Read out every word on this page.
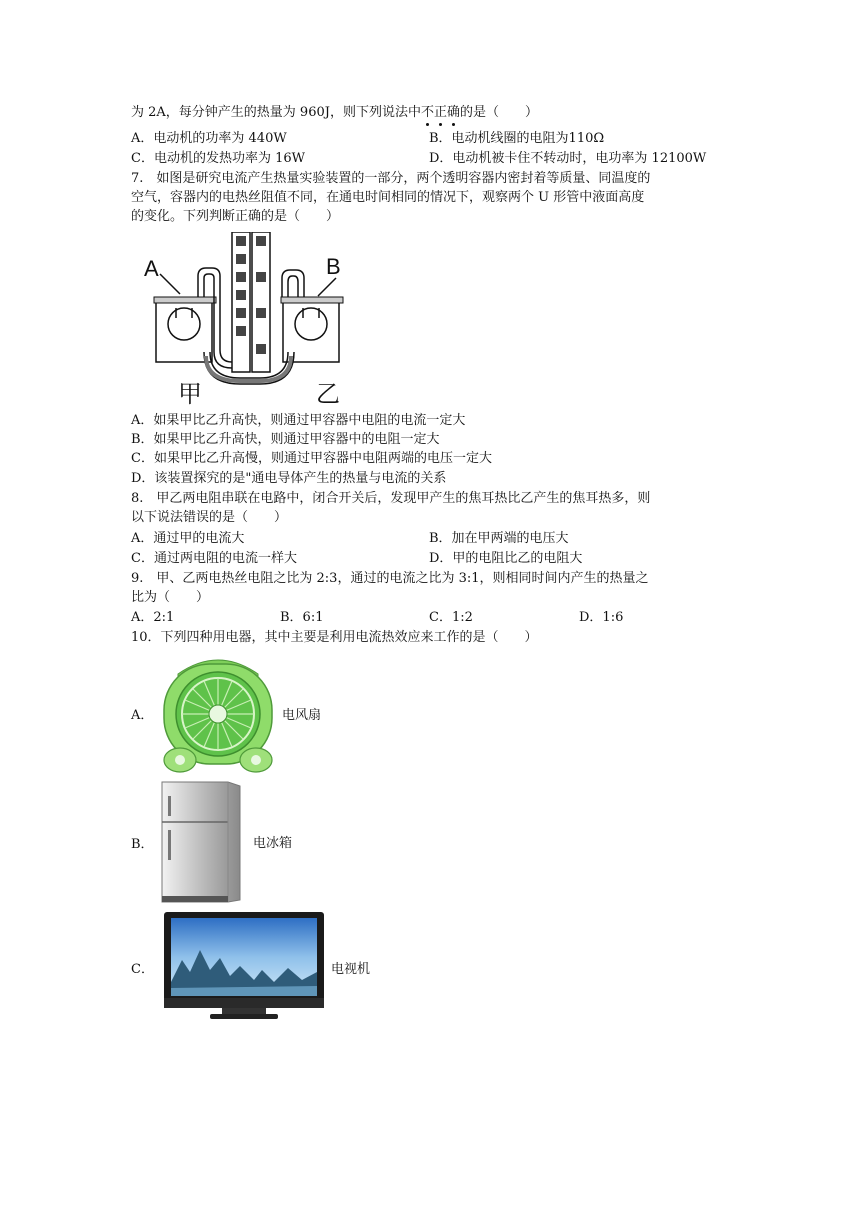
为 2A，每分钟产生的热量为 960J，则下列说法中不正确的是（　　）
A．电动机的功率为 440W	B．电动机线圈的电阻为110Ω
C．电动机的发热功率为 16W	D．电动机被卡住不转动时，电功率为 12100W
7.　如图是研究电流产生热量实验装置的一部分，两个透明容器内密封着等质量、同温度的
空气，容器内的电热丝阻值不同，在通电时间相同的情况下，观察两个 U 形管中液面高度
的变化。下列判断正确的是（　　）
A	B
甲	乙
A．如果甲比乙升高快，则通过甲容器中电阻的电流一定大
B．如果甲比乙升高快，则通过甲容器中的电阻一定大
C．如果甲比乙升高慢，则通过甲容器中电阻两端的电压一定大
D．该装置探究的是"通电导体产生的热量与电流的关系
8.　甲乙两电阻串联在电路中，闭合开关后，发现甲产生的焦耳热比乙产生的焦耳热多，则
以下说法错误的是（　　）
A．通过甲的电流大	B．加在甲两端的电压大
C．通过两电阻的电流一样大	D．甲的电阻比乙的电阻大
9.　甲、乙两电热丝电阻之比为 2:3，通过的电流之比为 3:1，则相同时间内产生的热量之
比为（　　）
A．2:1	B．6:1	C．1:2	D．1:6
10．下列四种用电器，其中主要是利用电流热效应来工作的是（　　）
A．	电风扇
B．	电冰箱
C．	电视机
